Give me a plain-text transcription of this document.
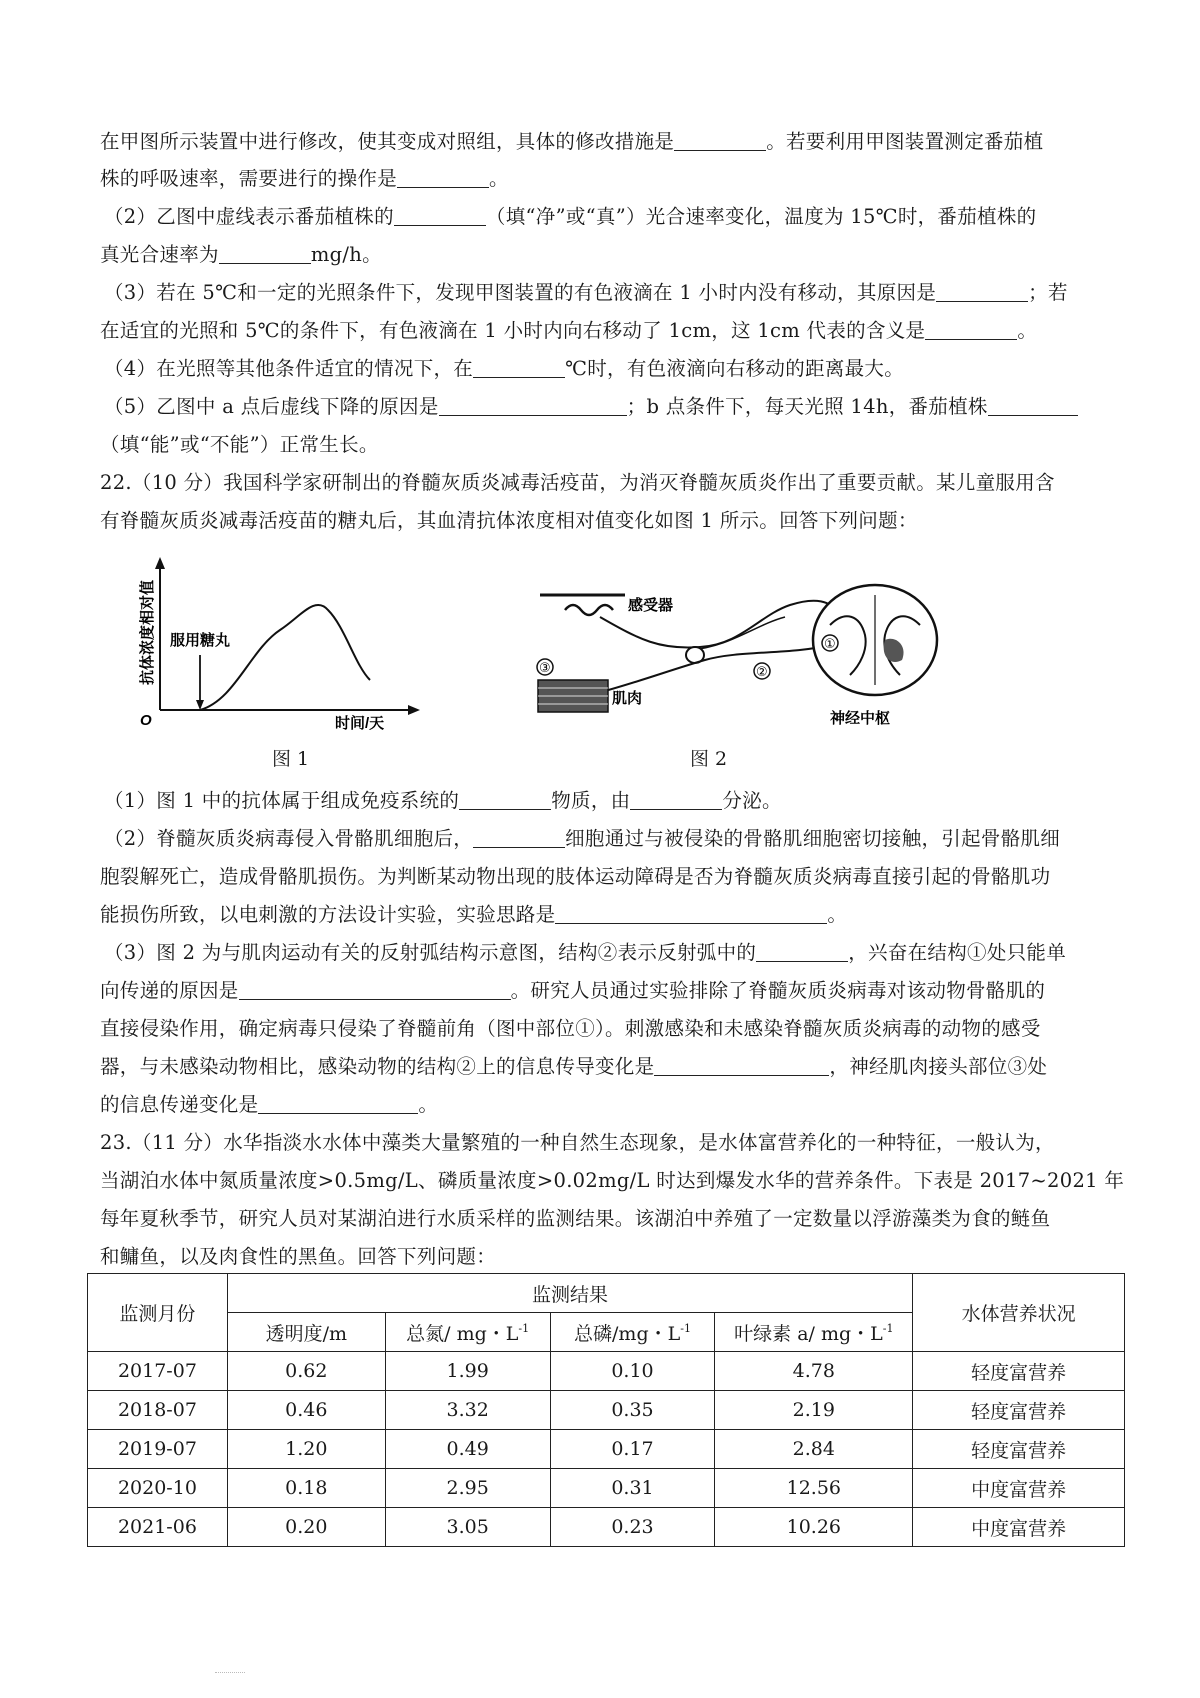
在甲图所示装置中进行修改，使其变成对照组，具体的修改措施是	。若要利用甲图装置测定番茄植
株的呼吸速率，需要进行的操作是	。
（2）乙图中虚线表示番茄植株的	（填“净”或“真”）光合速率变化，温度为 15℃时，番茄植株的
真光合速率为	mg/h。
（3）若在 5℃和一定的光照条件下，发现甲图装置的有色液滴在 1 小时内没有移动，其原因是	；若
在适宜的光照和 5℃的条件下，有色液滴在 1 小时内向右移动了 1cm，这 1cm 代表的含义是	。
（4）在光照等其他条件适宜的情况下，在	℃时，有色液滴向右移动的距离最大。
（5）乙图中 a 点后虚线下降的原因是	；b 点条件下，每天光照 14h，番茄植株
（填“能”或“不能”）正常生长。
22.（10 分）我国科学家研制出的脊髓灰质炎减毒活疫苗，为消灭脊髓灰质炎作出了重要贡献。某儿童服用含
有脊髓灰质炎减毒活疫苗的糖丸后，其血清抗体浓度相对值变化如图 1 所示。回答下列问题：
服用糖丸
O	时间/天
抗体浓度相对值
图 1
感受器
肌肉
③
①
②
神经中枢
图 2
（1）图 1 中的抗体属于组成免疫系统的	物质，由	分泌。
（2）脊髓灰质炎病毒侵入骨骼肌细胞后，	细胞通过与被侵染的骨骼肌细胞密切接触，引起骨骼肌细
胞裂解死亡，造成骨骼肌损伤。为判断某动物出现的肢体运动障碍是否为脊髓灰质炎病毒直接引起的骨骼肌功
能损伤所致，以电刺激的方法设计实验，实验思路是	。
（3）图 2 为与肌肉运动有关的反射弧结构示意图，结构②表示反射弧中的	，兴奋在结构①处只能单
向传递的原因是	。研究人员通过实验排除了脊髓灰质炎病毒对该动物骨骼肌的
直接侵染作用，确定病毒只侵染了脊髓前角（图中部位①）。刺激感染和未感染脊髓灰质炎病毒的动物的感受
器，与未感染动物相比，感染动物的结构②上的信息传导变化是	，神经肌肉接头部位③处
的信息传递变化是	。
23.（11 分）水华指淡水水体中藻类大量繁殖的一种自然生态现象，是水体富营养化的一种特征，一般认为，
当湖泊水体中氮质量浓度>0.5mg/L、磷质量浓度>0.02mg/L 时达到爆发水华的营养条件。下表是 2017~2021 年
每年夏秋季节，研究人员对某湖泊进行水质采样的监测结果。该湖泊中养殖了一定数量以浮游藻类为食的鲢鱼
和鳙鱼，以及肉食性的黑鱼。回答下列问题：
监测月份	监测结果				水体营养状况
	透明度/m	总氮/ mg・$L^{-1}$	总磷/mg・$L^{-1}$	叶绿素 a/ mg・$L^{-1}$
2017-07	0.62	1.99	0.10	4.78	轻度富营养
2018-07	0.46	3.32	0.35	2.19	轻度富营养
2019-07	1.20	0.49	0.17	2.84	轻度富营养
2020-10	0.18	2.95	0.31	12.56	中度富营养
2021-06	0.20	3.05	0.23	10.26	中度富营养
